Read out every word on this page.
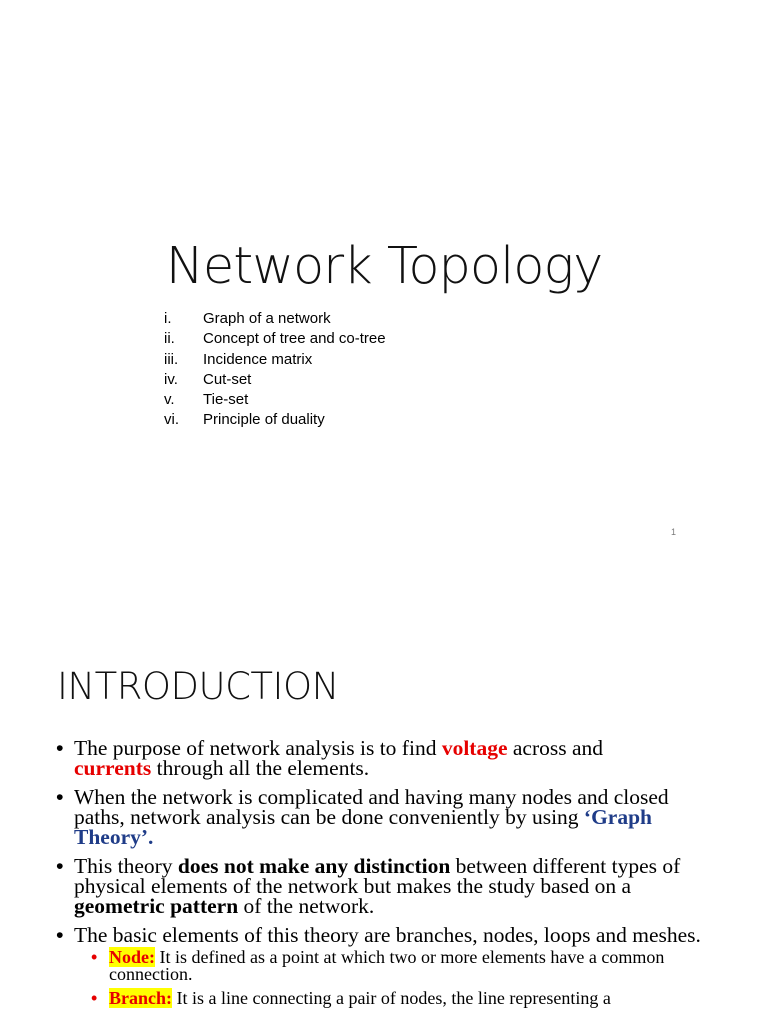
Network Topology
i.	Graph of a network
ii.	Concept of tree and co-tree
iii.	Incidence matrix
iv.	Cut-set
v.	Tie-set
vi.	Principle of duality
1
INTRODUCTION
• The purpose of network analysis is to find voltage across and
currents through all the elements.
• When the network is complicated and having many nodes and closed paths, network analysis can be done conveniently by using ‘Graph Theory’.
• This theory does not make any distinction between different types of physical elements of the network but makes the study based on a geometric pattern of the network.
• The basic elements of this theory are branches, nodes, loops and meshes.
• Node: It is defined as a point at which two or more elements have a common connection.
• Branch: It is a line connecting a pair of nodes, the line representing a
